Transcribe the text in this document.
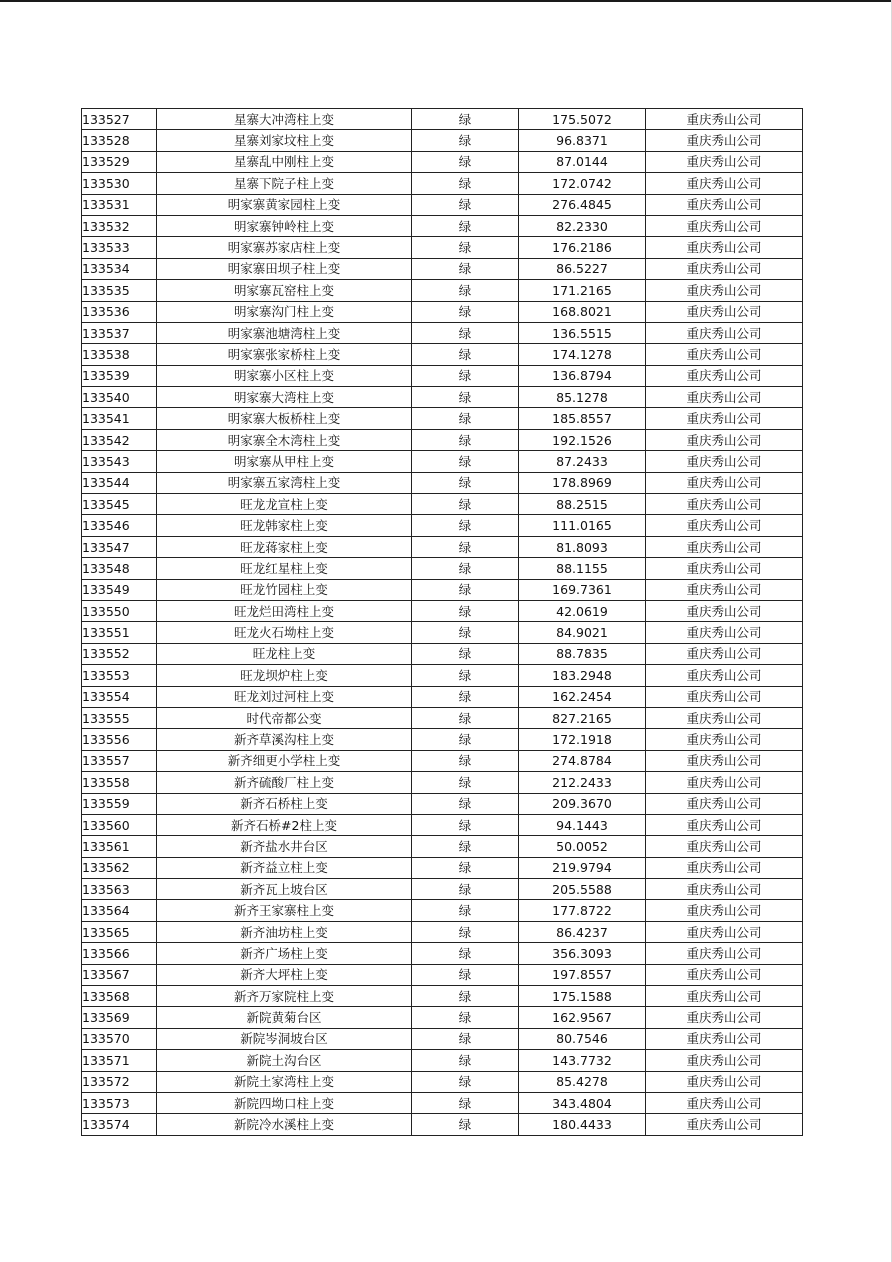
133527	星寨大冲湾柱上变	绿	175.5072	重庆秀山公司
133528	星寨刘家坟柱上变	绿	96.8371	重庆秀山公司
133529	星寨乱中刚柱上变	绿	87.0144	重庆秀山公司
133530	星寨下院子柱上变	绿	172.0742	重庆秀山公司
133531	明家寨黄家园柱上变	绿	276.4845	重庆秀山公司
133532	明家寨钟岭柱上变	绿	82.2330	重庆秀山公司
133533	明家寨苏家店柱上变	绿	176.2186	重庆秀山公司
133534	明家寨田坝子柱上变	绿	86.5227	重庆秀山公司
133535	明家寨瓦窑柱上变	绿	171.2165	重庆秀山公司
133536	明家寨沟门柱上变	绿	168.8021	重庆秀山公司
133537	明家寨池塘湾柱上变	绿	136.5515	重庆秀山公司
133538	明家寨张家桥柱上变	绿	174.1278	重庆秀山公司
133539	明家寨小区柱上变	绿	136.8794	重庆秀山公司
133540	明家寨大湾柱上变	绿	85.1278	重庆秀山公司
133541	明家寨大板桥柱上变	绿	185.8557	重庆秀山公司
133542	明家寨全木湾柱上变	绿	192.1526	重庆秀山公司
133543	明家寨从甲柱上变	绿	87.2433	重庆秀山公司
133544	明家寨五家湾柱上变	绿	178.8969	重庆秀山公司
133545	旺龙龙宣柱上变	绿	88.2515	重庆秀山公司
133546	旺龙韩家柱上变	绿	111.0165	重庆秀山公司
133547	旺龙蒋家柱上变	绿	81.8093	重庆秀山公司
133548	旺龙红星柱上变	绿	88.1155	重庆秀山公司
133549	旺龙竹园柱上变	绿	169.7361	重庆秀山公司
133550	旺龙烂田湾柱上变	绿	42.0619	重庆秀山公司
133551	旺龙火石坳柱上变	绿	84.9021	重庆秀山公司
133552	旺龙柱上变	绿	88.7835	重庆秀山公司
133553	旺龙坝炉柱上变	绿	183.2948	重庆秀山公司
133554	旺龙刘过河柱上变	绿	162.2454	重庆秀山公司
133555	时代帝都公变	绿	827.2165	重庆秀山公司
133556	新齐草溪沟柱上变	绿	172.1918	重庆秀山公司
133557	新齐细更小学柱上变	绿	274.8784	重庆秀山公司
133558	新齐硫酸厂柱上变	绿	212.2433	重庆秀山公司
133559	新齐石桥柱上变	绿	209.3670	重庆秀山公司
133560	新齐石桥#2柱上变	绿	94.1443	重庆秀山公司
133561	新齐盐水井台区	绿	50.0052	重庆秀山公司
133562	新齐益立柱上变	绿	219.9794	重庆秀山公司
133563	新齐瓦上坡台区	绿	205.5588	重庆秀山公司
133564	新齐王家寨柱上变	绿	177.8722	重庆秀山公司
133565	新齐油坊柱上变	绿	86.4237	重庆秀山公司
133566	新齐广场柱上变	绿	356.3093	重庆秀山公司
133567	新齐大坪柱上变	绿	197.8557	重庆秀山公司
133568	新齐万家院柱上变	绿	175.1588	重庆秀山公司
133569	新院黄菊台区	绿	162.9567	重庆秀山公司
133570	新院岑洞坡台区	绿	80.7546	重庆秀山公司
133571	新院土沟台区	绿	143.7732	重庆秀山公司
133572	新院土家湾柱上变	绿	85.4278	重庆秀山公司
133573	新院四坳口柱上变	绿	343.4804	重庆秀山公司
133574	新院冷水溪柱上变	绿	180.4433	重庆秀山公司
